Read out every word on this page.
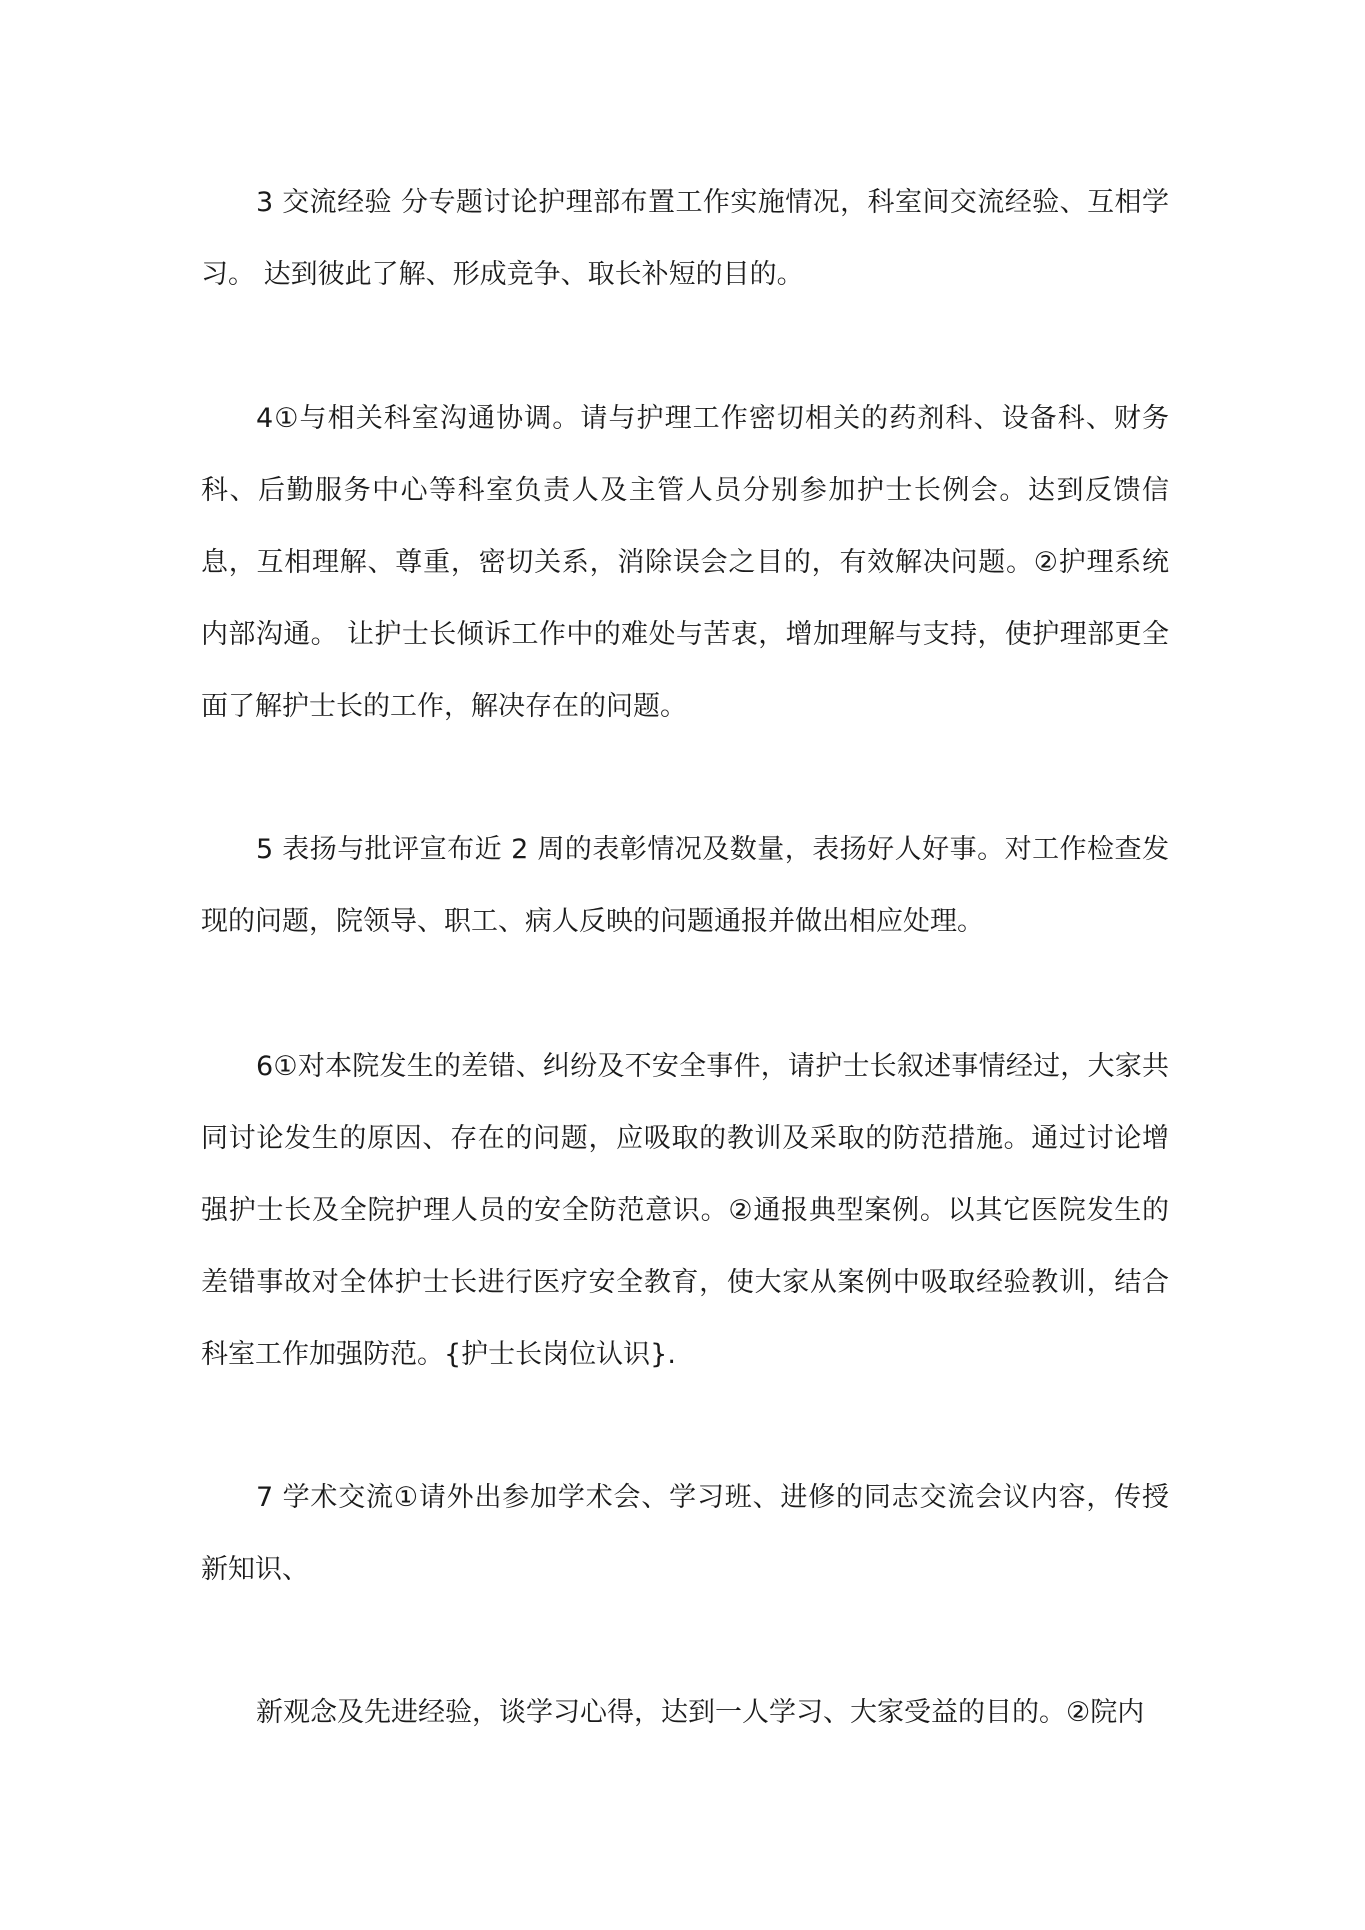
3 交流经验 分专题讨论护理部布置工作实施情况，科室间交流经验、互相学习。 达到彼此了解、形成竞争、取长补短的目的。

4①与相关科室沟通协调。请与护理工作密切相关的药剂科、设备科、财务科、后勤服务中心等科室负责人及主管人员分别参加护士长例会。达到反馈信息，互相理解、尊重，密切关系，消除误会之目的，有效解决问题。②护理系统内部沟通。 让护士长倾诉工作中的难处与苦衷，增加理解与支持，使护理部更全面了解护士长的工作，解决存在的问题。

5 表扬与批评宣布近 2 周的表彰情况及数量，表扬好人好事。对工作检查发现的问题，院领导、职工、病人反映的问题通报并做出相应处理。

6①对本院发生的差错、纠纷及不安全事件，请护士长叙述事情经过，大家共同讨论发生的原因、存在的问题，应吸取的教训及采取的防范措施。通过讨论增强护士长及全院护理人员的安全防范意识。②通报典型案例。以其它医院发生的差错事故对全体护士长进行医疗安全教育，使大家从案例中吸取经验教训，结合科室工作加强防范。{护士长岗位认识}.

7 学术交流①请外出参加学术会、学习班、进修的同志交流会议内容，传授新知识、

新观念及先进经验，谈学习心得，达到一人学习、大家受益的目的。②院内
